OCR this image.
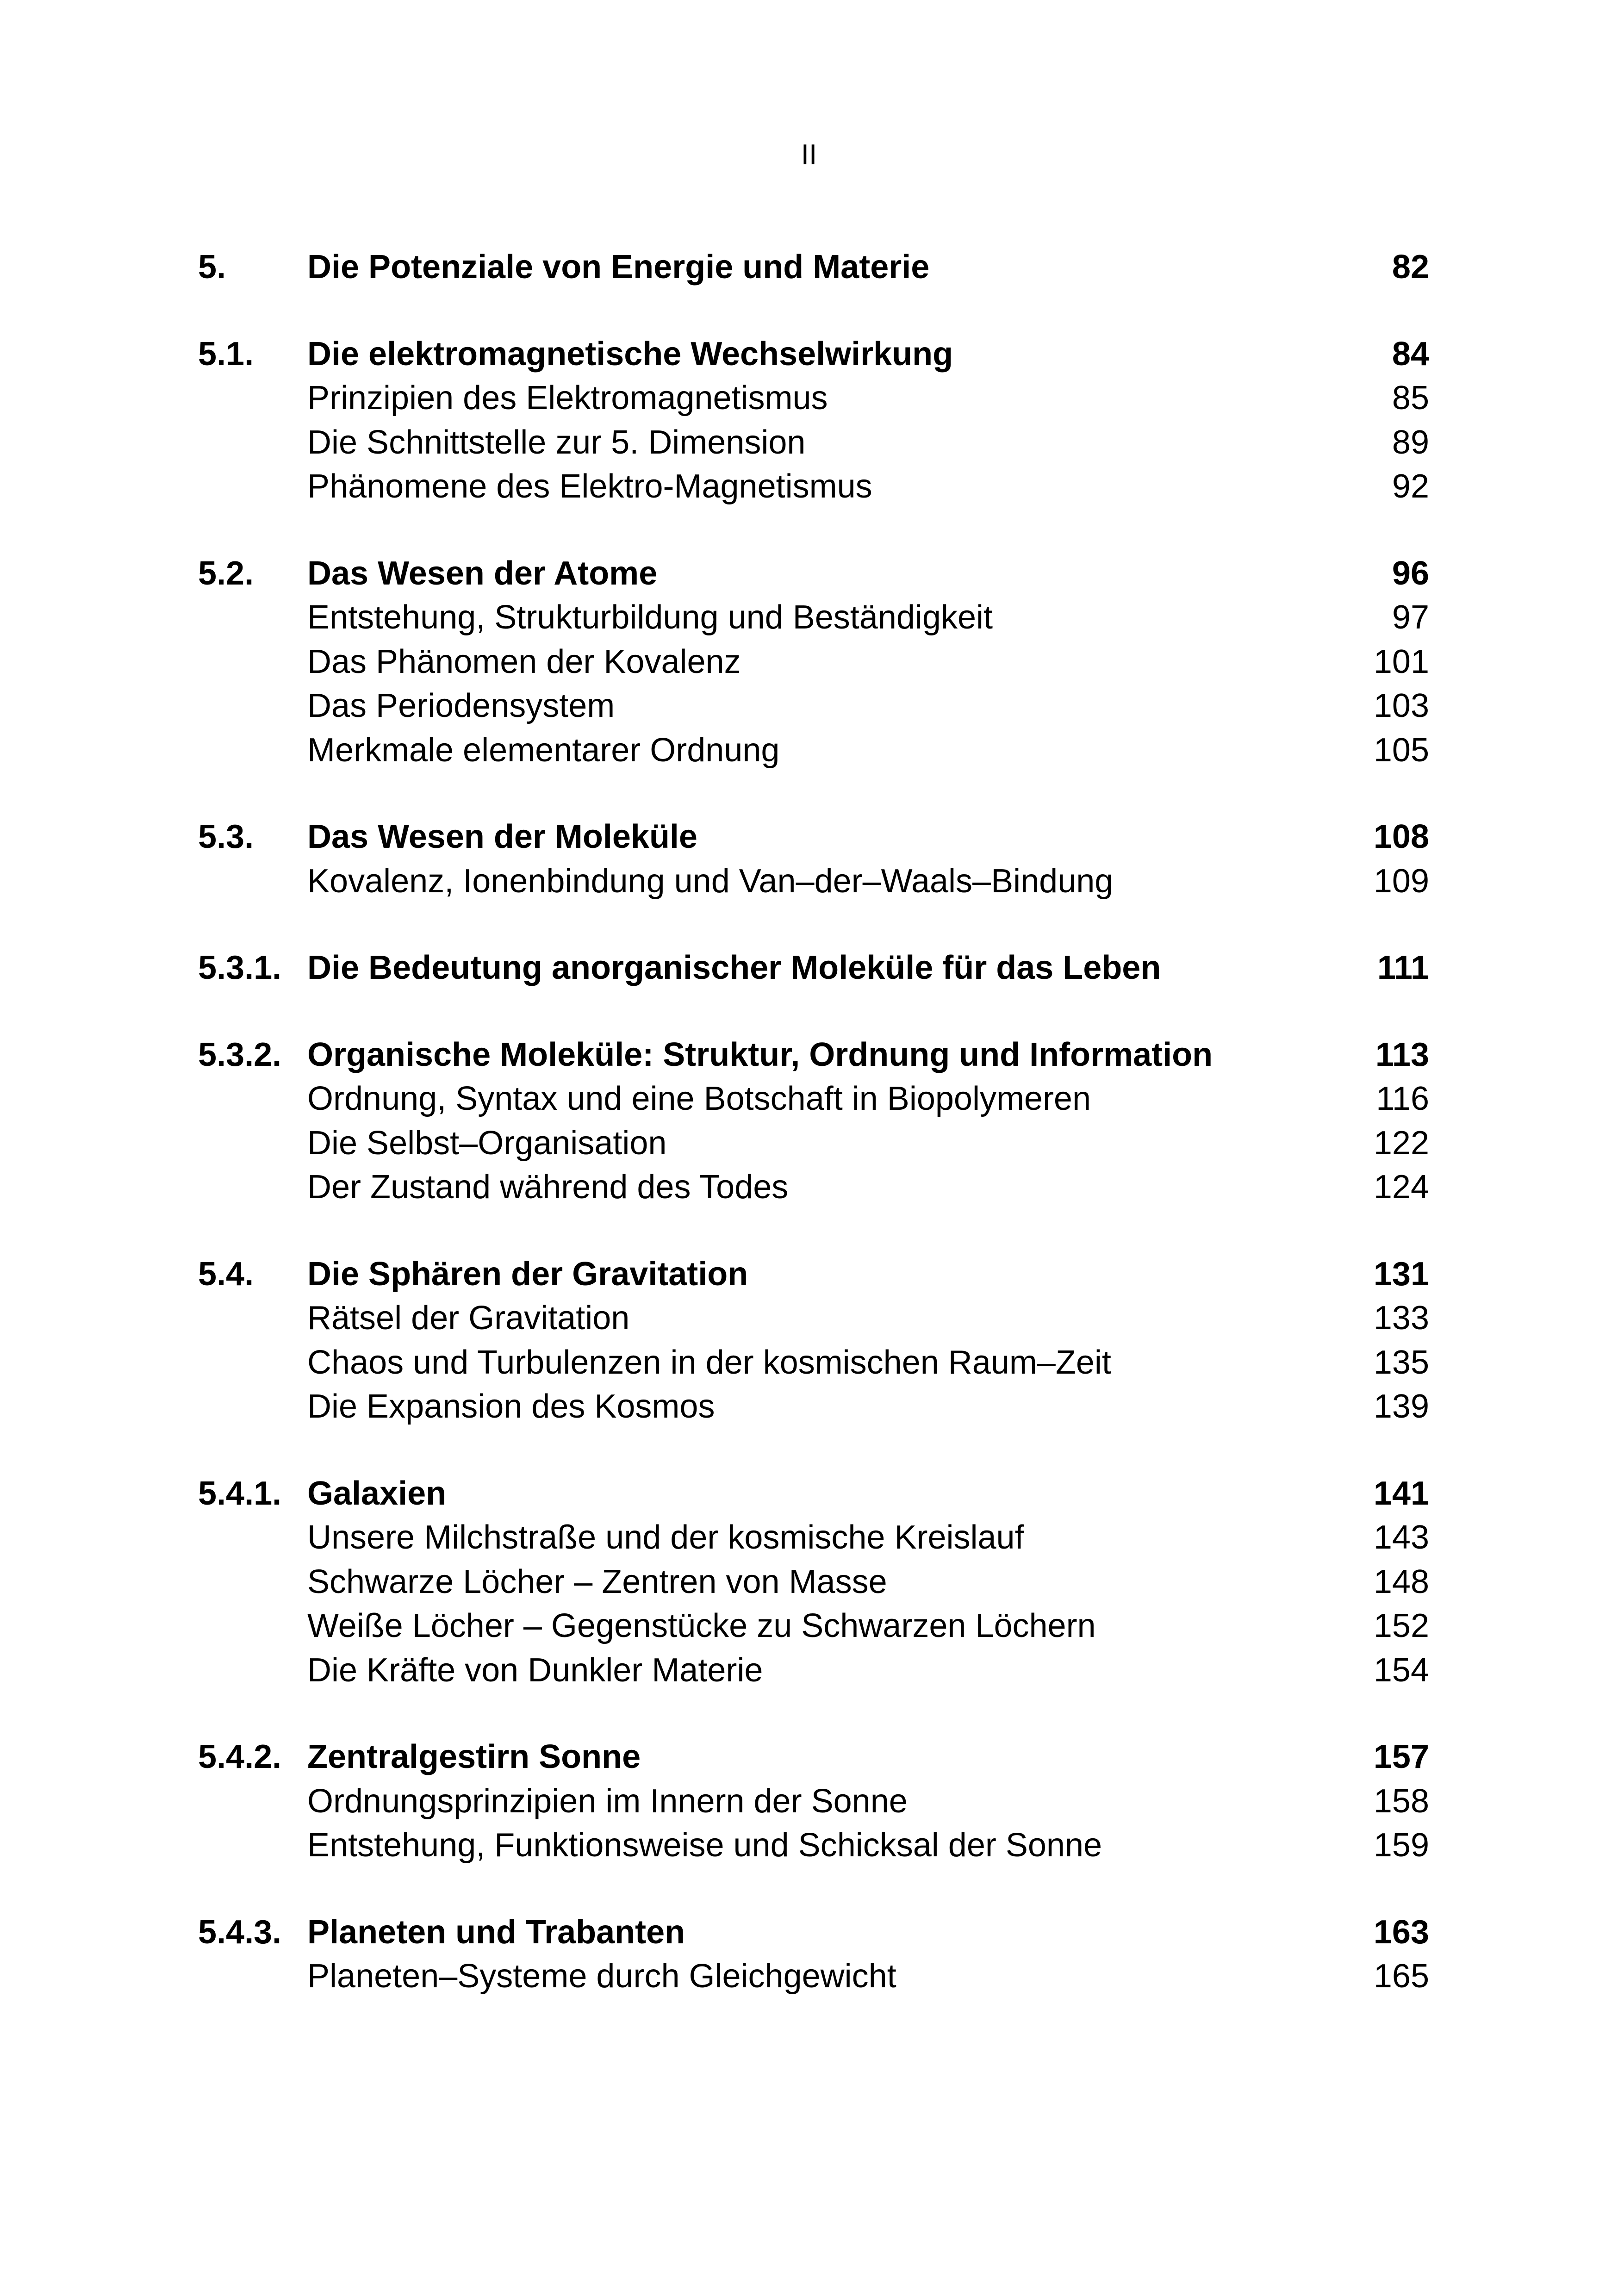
II
5.	Die Potenziale von Energie und Materie	82
5.1.	Die elektromagnetische Wechselwirkung	84
Prinzipien des Elektromagnetismus	85
Die Schnittstelle zur 5. Dimension	89
Phänomene des Elektro-Magnetismus	92
5.2.	Das Wesen der Atome	96
Entstehung, Strukturbildung und Beständigkeit	97
Das Phänomen der Kovalenz	101
Das Periodensystem	103
Merkmale elementarer Ordnung	105
5.3.	Das Wesen der Moleküle	108
Kovalenz, Ionenbindung und Van–der–Waals–Bindung	109
5.3.1. Die Bedeutung anorganischer Moleküle für das Leben	111
5.3.2. Organische Moleküle: Struktur, Ordnung und Information	113
Ordnung, Syntax und eine Botschaft in Biopolymeren	116
Die Selbst–Organisation	122
Der Zustand während des Todes	124
5.4.	Die Sphären der Gravitation	131
Rätsel der Gravitation	133
Chaos und Turbulenzen in der kosmischen Raum–Zeit	135
Die Expansion des Kosmos	139
5.4.1. Galaxien	141
Unsere Milchstraße und der kosmische Kreislauf	143
Schwarze Löcher – Zentren von Masse	148
Weiße Löcher – Gegenstücke zu Schwarzen Löchern	152
Die Kräfte von Dunkler Materie	154
5.4.2. Zentralgestirn Sonne	157
Ordnungsprinzipien im Innern der Sonne	158
Entstehung, Funktionsweise und Schicksal der Sonne	159
5.4.3. Planeten und Trabanten	163
Planeten–Systeme durch Gleichgewicht	165
